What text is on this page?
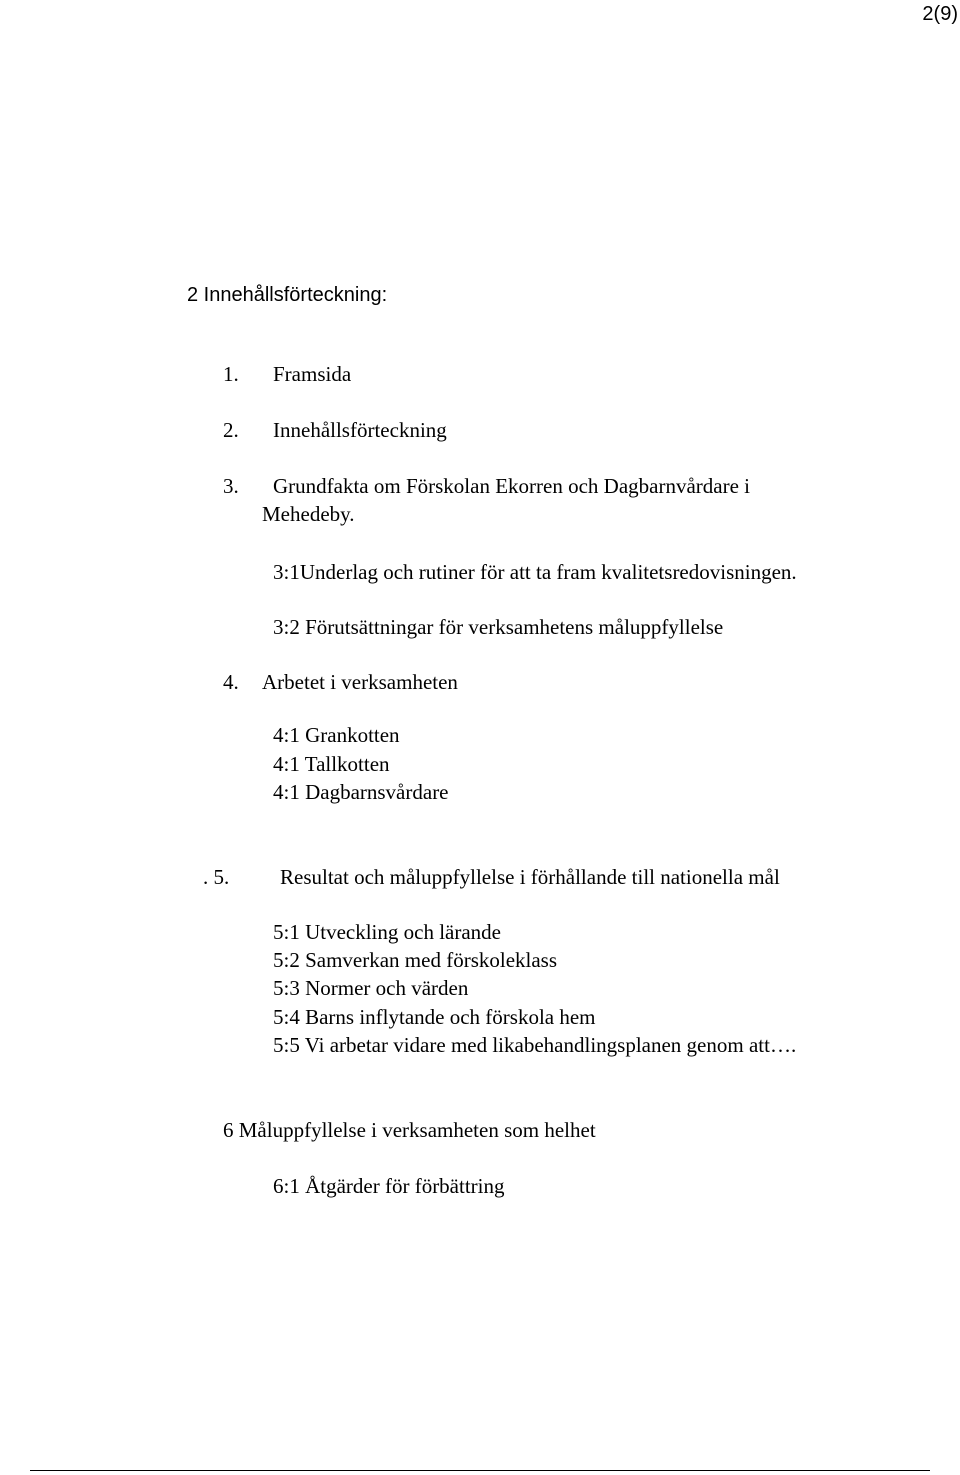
2(9)
2 Innehållsförteckning:
1. Framsida
2. Innehållsförteckning
3. Grundfakta om Förskolan Ekorren och Dagbarnvårdare i
Mehedeby.
3:1Underlag och rutiner för att ta fram kvalitetsredovisningen.
3:2 Förutsättningar för verksamhetens måluppfyllelse
4. Arbetet i verksamheten
4:1 Grankotten
4:1 Tallkotten
4:1 Dagbarnsvårdare
. 5. Resultat och måluppfyllelse i förhållande till nationella mål
5:1 Utveckling och lärande
5:2 Samverkan med förskoleklass
5:3 Normer och värden
5:4 Barns inflytande och förskola hem
5:5 Vi arbetar vidare med likabehandlingsplanen genom att….
6 Måluppfyllelse i verksamheten som helhet
6:1 Åtgärder för förbättring
